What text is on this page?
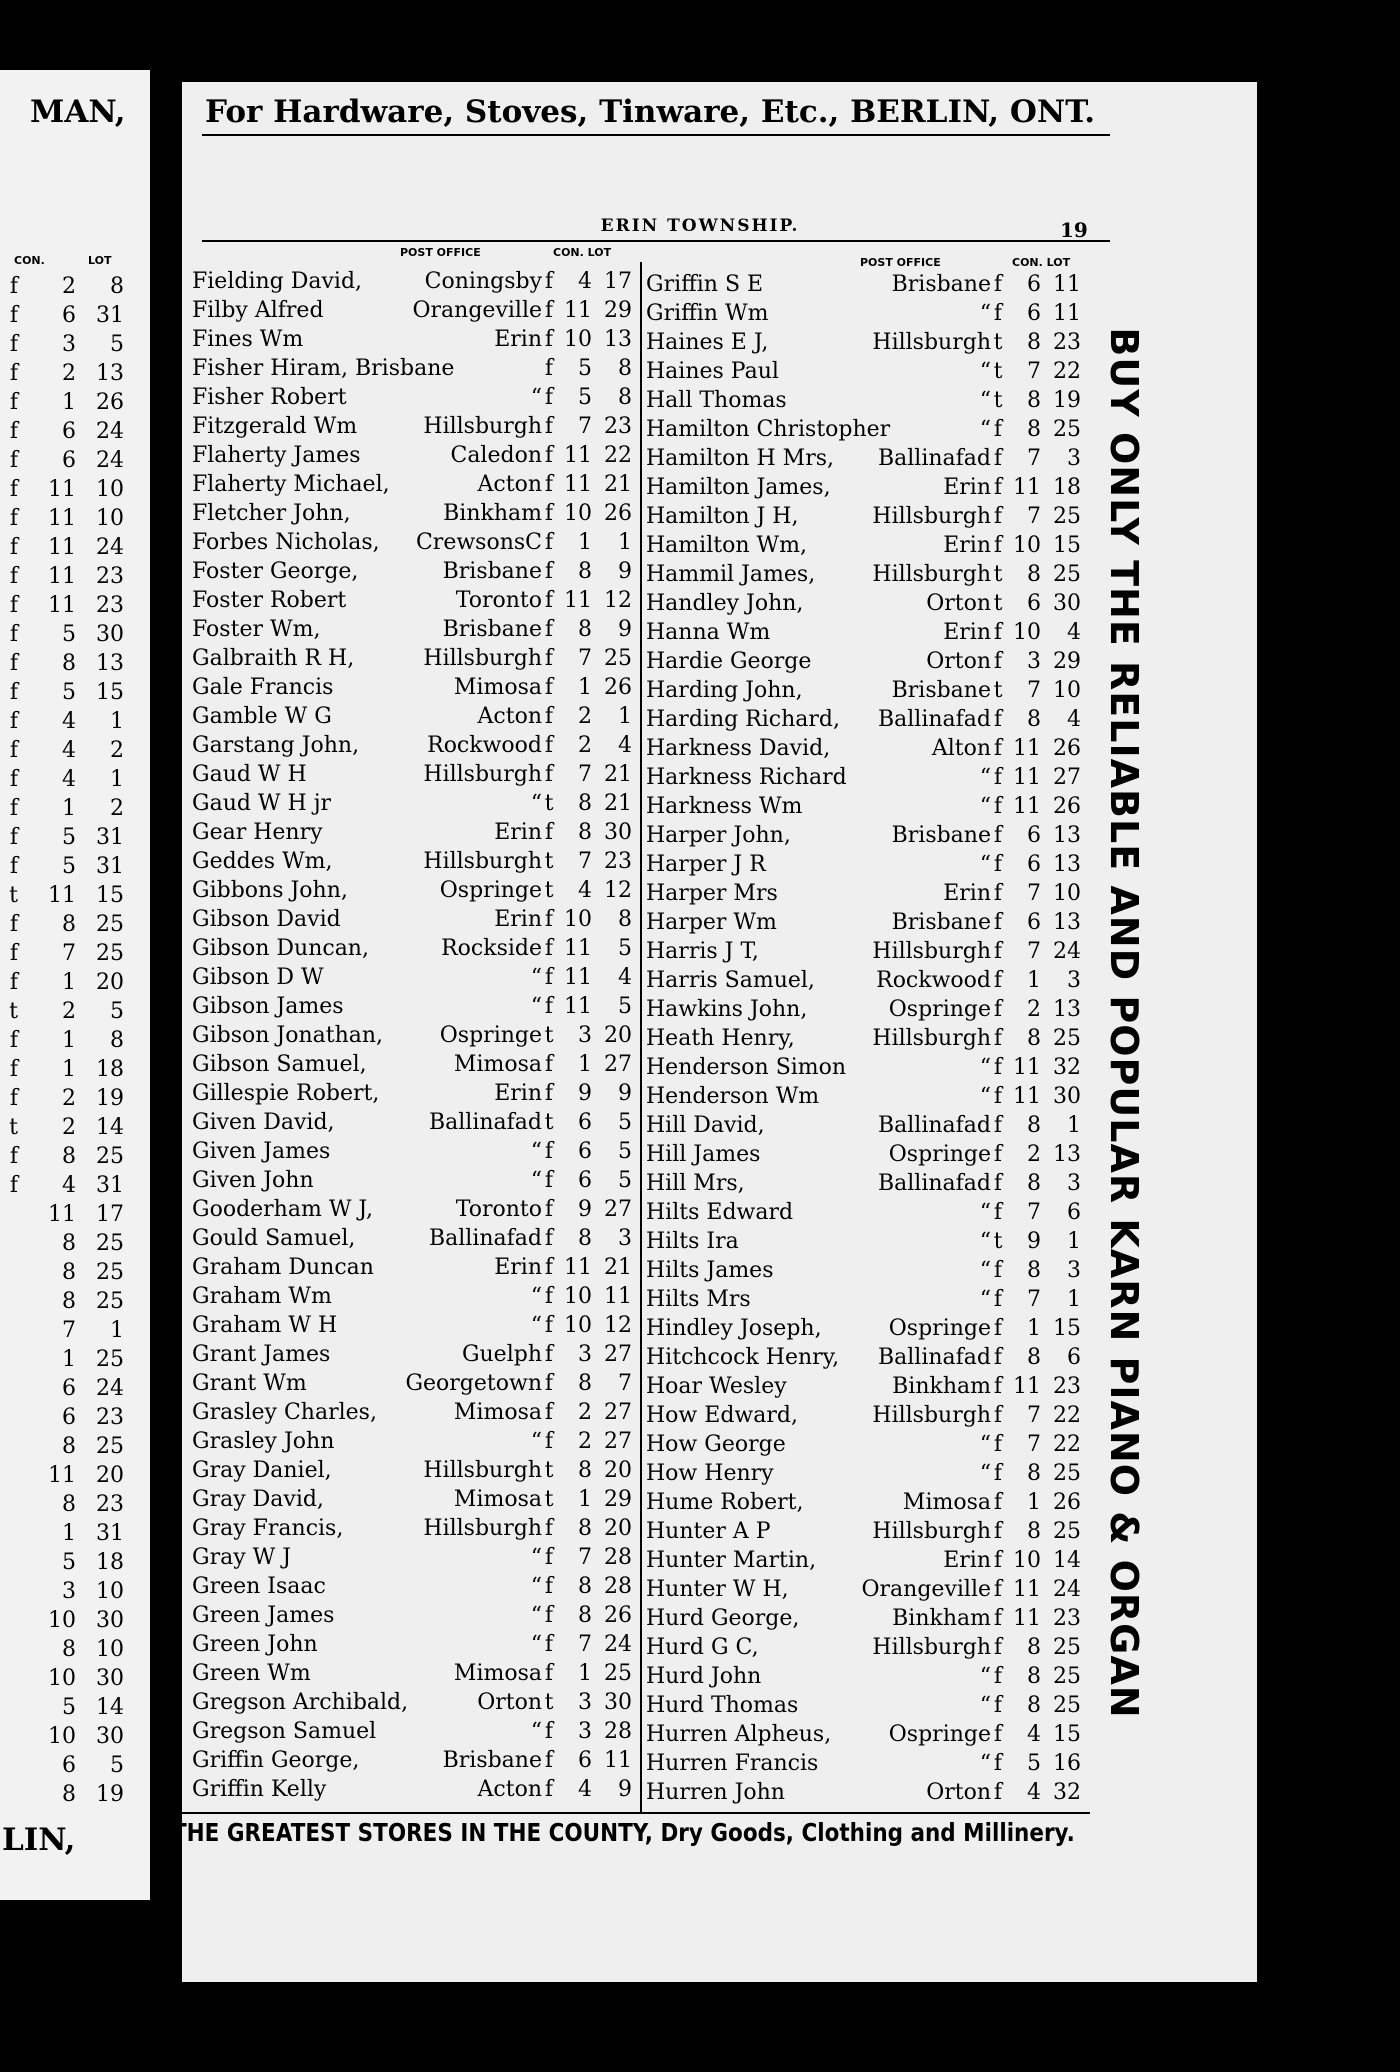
MAN,	For Hardware, Stoves, Tinware, Etc., BERLIN, ONT.
ERIN TOWNSHIP.	19
CON.	LOT
POST OFFICE	CON. LOT
POST OFFICE	CON. LOT
f	2	8
f	6 31
f	3	5
f	2 13
f	1 26
f	6 24
f	6 24
f	11 10
f	11 10
f	11 24
f	11 23
f	11 23
f	5 30
f	8 13
f	5 15
f	4	1
f	4	2
f	4	1
f	1	2
f	5 31
f	5 31
t	11 15
f	8 25
f	7 25
f	1 20
t	2	5
f	1	8
f	1 18
f	2 19
t	2 14
f	8 25
f	4 31
11 17
8 25
8 25
8 25
7	1
1 25
6 24
6 23
8 25
11 20
8 23
1 31
5 18
3 10
10 30
8 10
10 30
5 14
10 30
6	5
8 19
Fielding David,	Coningsby f	4 17
Filby Alfred	Orangeville f 11 29
Fines Wm	Erin f 10 13
Fisher Hiram, Brisbane	f	5	8
Fisher Robert	“ f	5	8
Fitzgerald Wm	Hillsburgh f	7 23
Flaherty James	Caledon f 11 22
Flaherty Michael,	Acton f 11 21
Fletcher John,	Binkham f 10 26
Forbes Nicholas,	CrewsonsC f	1	1
Foster George,	Brisbane f	8	9
Foster Robert	Toronto f 11 12
Foster Wm,	Brisbane f	8	9
Galbraith R H,	Hillsburgh f	7 25
Gale Francis	Mimosa f	1 26
Gamble W G	Acton f	2	1
Garstang John,	Rockwood f	2	4
Gaud W H	Hillsburgh f	7 21
Gaud W H jr	“ t	8 21
Gear Henry	Erin f	8 30
Geddes Wm,	Hillsburgh t	7 23
Gibbons John,	Ospringe t	4 12
Gibson David	Erin f 10	8
Gibson Duncan,	Rockside f 11	5
Gibson D W	“ f 11	4
Gibson James	“ f 11	5
Gibson Jonathan,	Ospringe t	3 20
Gibson Samuel,	Mimosa f	1 27
Gillespie Robert,	Erin f	9	9
Given David,	Ballinafad t	6	5
Given James	“ f	6	5
Given John	“ f	6	5
Gooderham W J,	Toronto f	9 27
Gould Samuel,	Ballinafad f	8	3
Graham Duncan	Erin f 11 21
Graham Wm	“ f 10 11
Graham W H	“ f 10 12
Grant James	Guelph f	3 27
Grant Wm	Georgetown f	8	7
Grasley Charles,	Mimosa f	2 27
Grasley John	“ f	2 27
Gray Daniel,	Hillsburgh t	8 20
Gray David,	Mimosa t	1 29
Gray Francis,	Hillsburgh f	8 20
Gray W J	“ f	7 28
Green Isaac	“ f	8 28
Green James	“ f	8 26
Green John	“ f	7 24
Green Wm	Mimosa f	1 25
Gregson Archibald,	Orton t	3 30
Gregson Samuel	“ f	3 28
Griffin George,	Brisbane f	6 11
Griffin Kelly	Acton f	4	9
Griffin S E	Brisbane f	6 11
Griffin Wm	“ f	6 11
Haines E J,	Hillsburgh t	8 23
Haines Paul	“ t	7 22
Hall Thomas	“ t	8 19
Hamilton Christopher	“ f	8 25
Hamilton H Mrs,	Ballinafad f	7	3
Hamilton James,	Erin f 11 18
Hamilton J H,	Hillsburgh f	7 25
Hamilton Wm,	Erin f 10 15
Hammil James,	Hillsburgh t	8 25
Handley John,	Orton t	6 30
Hanna Wm	Erin f 10	4
Hardie George	Orton f	3 29
Harding John,	Brisbane t	7 10
Harding Richard,	Ballinafad f	8	4
Harkness David,	Alton f 11 26
Harkness Richard	“ f 11 27
Harkness Wm	“ f 11 26
Harper John,	Brisbane f	6 13
Harper J R	“ f	6 13
Harper Mrs	Erin f	7 10
Harper Wm	Brisbane f	6 13
Harris J T,	Hillsburgh f	7 24
Harris Samuel,	Rockwood f	1	3
Hawkins John,	Ospringe f	2 13
Heath Henry,	Hillsburgh f	8 25
Henderson Simon	“ f 11 32
Henderson Wm	“ f 11 30
Hill David,	Ballinafad f	8	1
Hill James	Ospringe f	2 13
Hill Mrs,	Ballinafad f	8	3
Hilts Edward	“ f	7	6
Hilts Ira	“ t	9	1
Hilts James	“ f	8	3
Hilts Mrs	“ f	7	1
Hindley Joseph,	Ospringe f	1 15
Hitchcock Henry,	Ballinafad f	8	6
Hoar Wesley	Binkham f 11 23
How Edward,	Hillsburgh f	7 22
How George	“ f	7 22
How Henry	“ f	8 25
Hume Robert,	Mimosa f	1 26
Hunter A P	Hillsburgh f	8 25
Hunter Martin,	Erin f 10 14
Hunter W H,	Orangeville f 11 24
Hurd George,	Binkham f 11 23
Hurd G C,	Hillsburgh f	8 25
Hurd John	“ f	8 25
Hurd Thomas	“ f	8 25
Hurren Alpheus,	Ospringe f	4 15
Hurren Francis	“ f	5 16
Hurren John	Orton f	4 32
LIN,	THE GREATEST STORES IN THE COUNTY, Dry Goods, Clothing and Millinery.
BUY ONLY THE RELIABLE AND POPULAR KARN PIANO & ORGAN
